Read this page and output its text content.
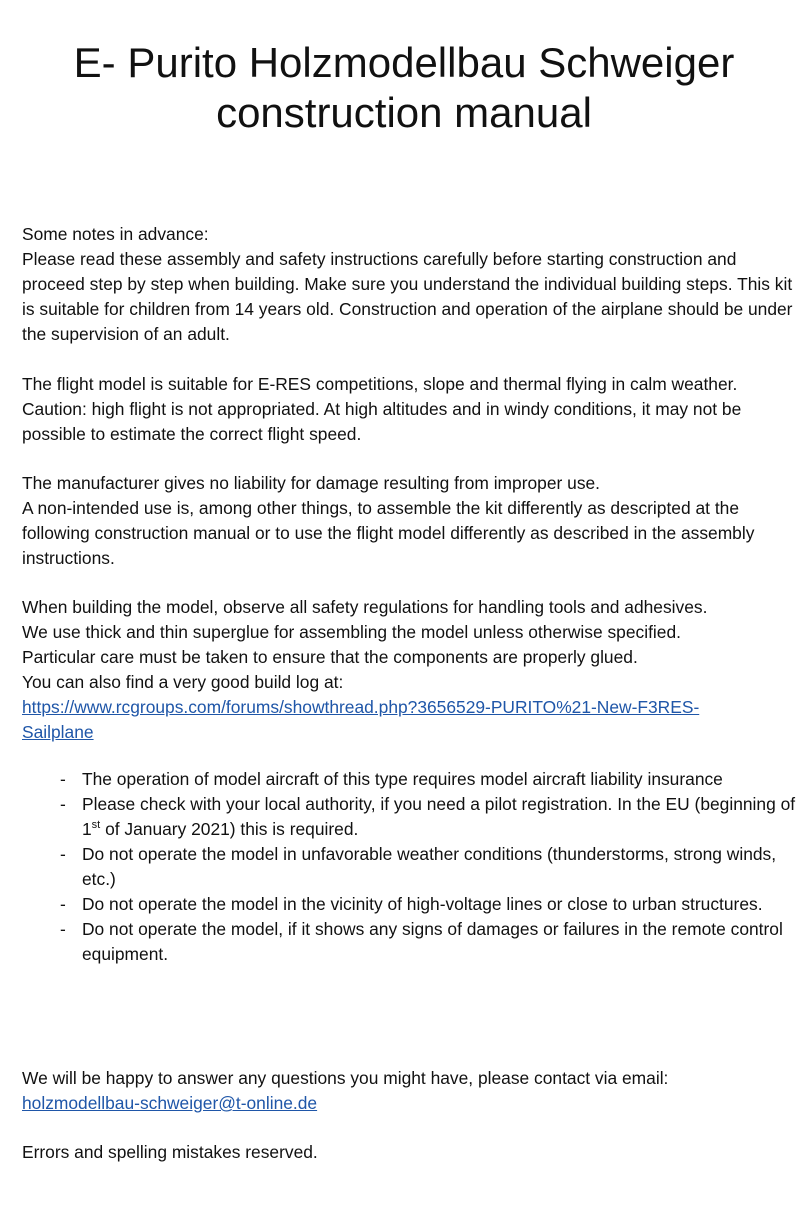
E- Purito Holzmodellbau Schweiger
construction manual

Some notes in advance:

Please read these assembly and safety instructions carefully before starting construction and proceed step by step when building. Make sure you understand the individual building steps. This kit is suitable for children from 14 years old. Construction and operation of the airplane should be under the supervision of an adult.

The flight model is suitable for E-RES competitions, slope and thermal flying in calm weather.

Caution: high flight is not appropriated. At high altitudes and in windy conditions, it may not be possible to estimate the correct flight speed.

The manufacturer gives no liability for damage resulting from improper use.

A non-intended use is, among other things, to assemble the kit differently as descripted at the following construction manual or to use the flight model differently as described in the assembly instructions.

When building the model, observe all safety regulations for handling tools and adhesives.

We use thick and thin superglue for assembling the model unless otherwise specified.

Particular care must be taken to ensure that the components are properly glued.

You can also find a very good build log at:

https://www.rcgroups.com/forums/showthread.php?3656529-PURITO%21-New-F3RES-
Sailplane

- The operation of model aircraft of this type requires model aircraft liability insurance
- Please check with your local authority, if you need a pilot registration. In the EU (beginning of 1st of January 2021) this is required.
- Do not operate the model in unfavorable weather conditions (thunderstorms, strong winds, etc.)
- Do not operate the model in the vicinity of high-voltage lines or close to urban structures.
- Do not operate the model, if it shows any signs of damages or failures in the remote control equipment.

We will be happy to answer any questions you might have, please contact via email:

holzmodellbau-schweiger@t-online.de

Errors and spelling mistakes reserved.
